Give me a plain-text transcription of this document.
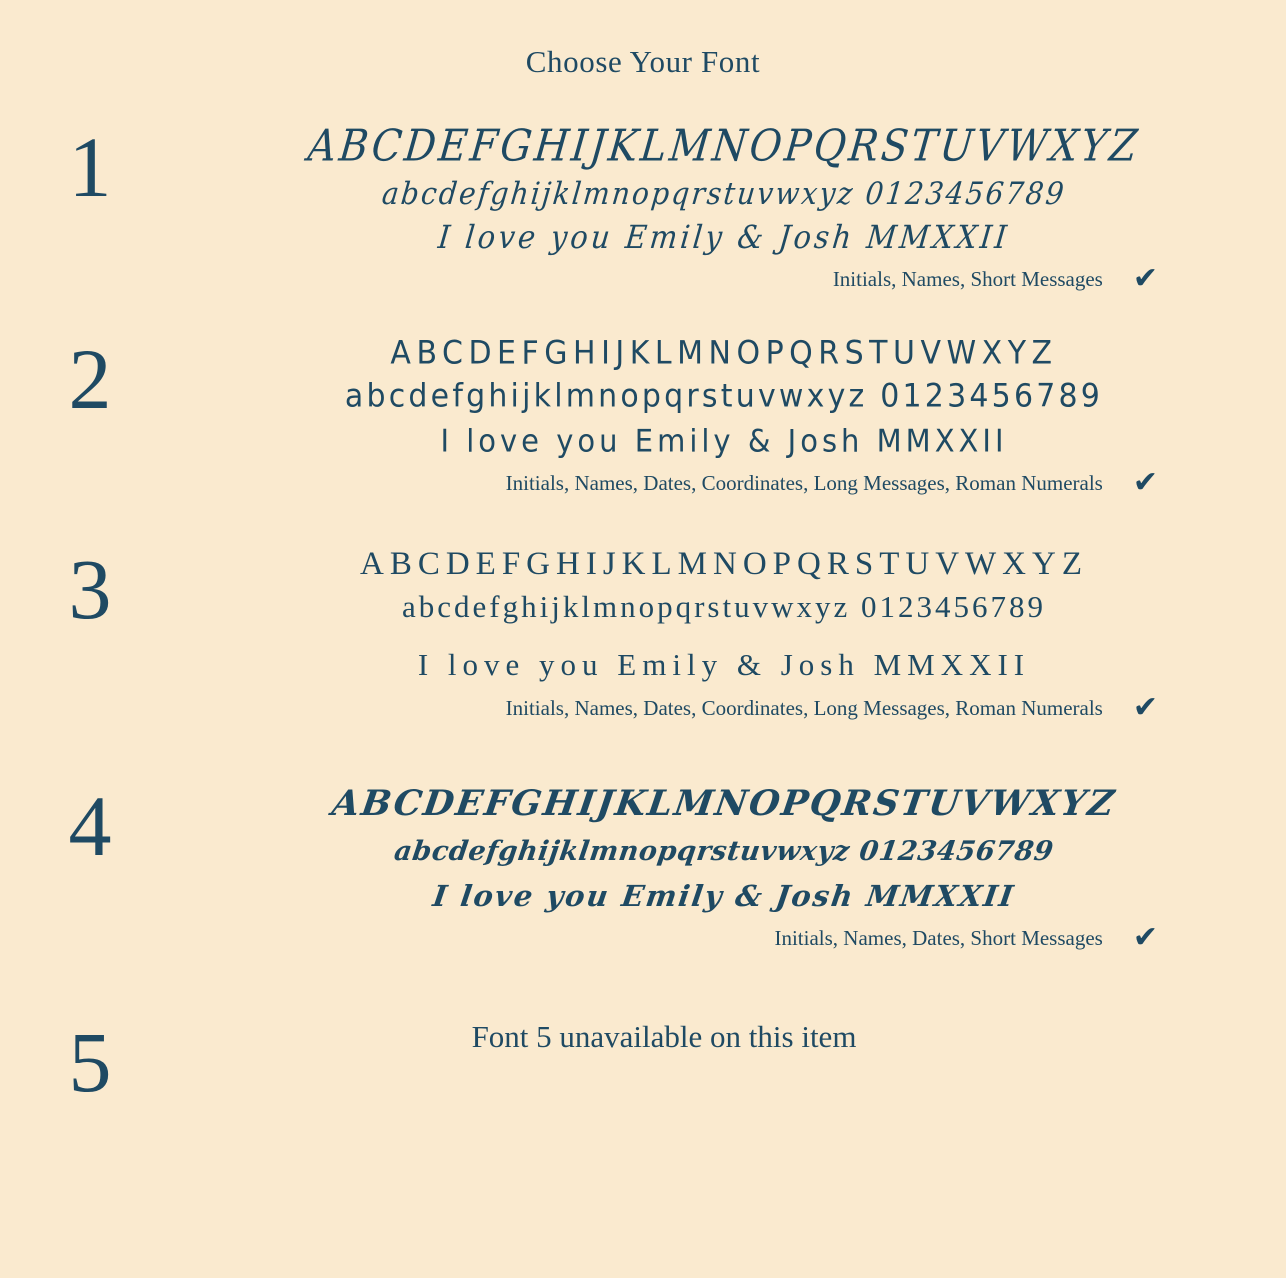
Choose Your Font
1	ABCDEFGHIJKLMNOPQRSTUVWXYZ
abcdefghijklmnopqrstuvwxyz 0123456789
I love you Emily & Josh MMXXII
Initials, Names, Short Messages ✔
2	ABCDEFGHIJKLMNOPQRSTUVWXYZ
abcdefghijklmnopqrstuvwxyz 0123456789
I love you Emily & Josh MMXXII
Initials, Names, Dates, Coordinates, Long Messages, Roman Numerals ✔
3	ABCDEFGHIJKLMNOPQRSTUVWXYZ
abcdefghijklmnopqrstuvwxyz 0123456789
I love you Emily & Josh MMXXII
Initials, Names, Dates, Coordinates, Long Messages, Roman Numerals ✔
4	ABCDEFGHIJKLMNOPQRSTUVWXYZ
abcdefghijklmnopqrstuvwxyz 0123456789
I love you Emily & Josh MMXXII
Initials, Names, Dates, Short Messages ✔
5	Font 5 unavailable on this item
